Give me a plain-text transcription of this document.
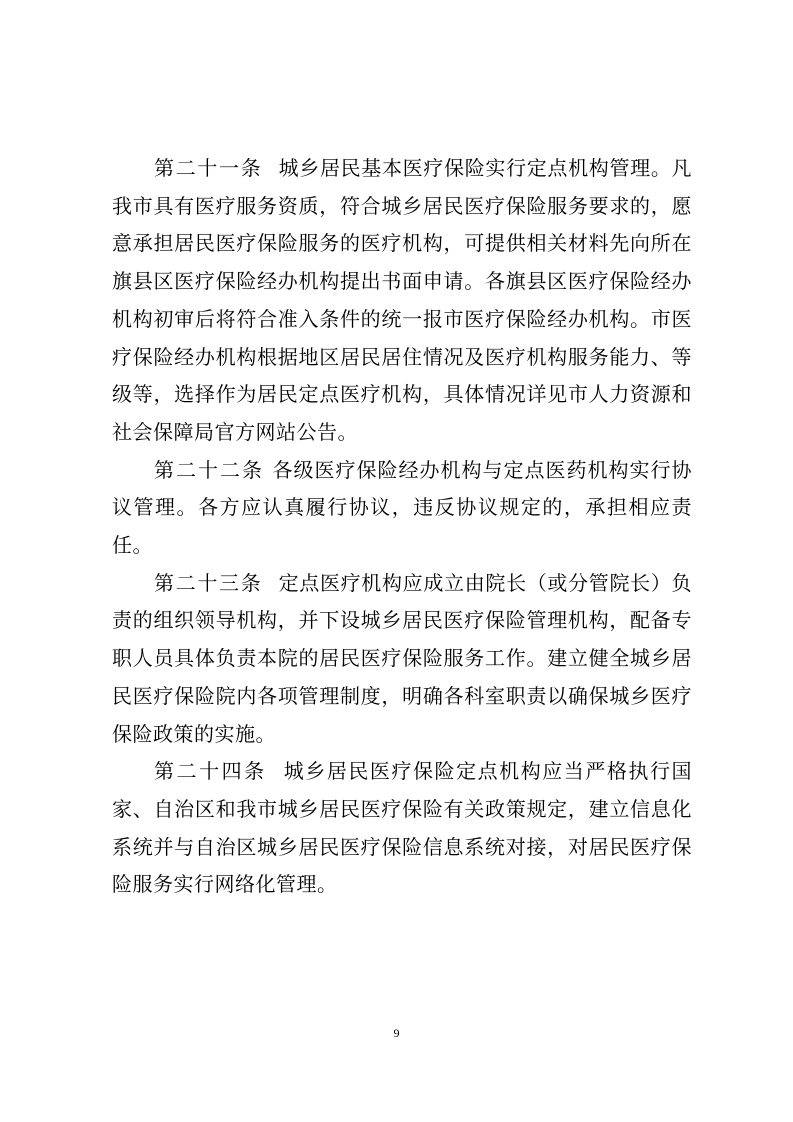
第二十一条 城乡居民基本医疗保险实行定点机构管理。凡我市具有医疗服务资质，符合城乡居民医疗保险服务要求的，愿意承担居民医疗保险服务的医疗机构，可提供相关材料先向所在旗县区医疗保险经办机构提出书面申请。各旗县区医疗保险经办机构初审后将符合准入条件的统一报市医疗保险经办机构。市医疗保险经办机构根据地区居民居住情况及医疗机构服务能力、等级等，选择作为居民定点医疗机构，具体情况详见市人力资源和社会保障局官方网站公告。

第二十二条 各级医疗保险经办机构与定点医药机构实行协议管理。各方应认真履行协议，违反协议规定的，承担相应责任。

第二十三条 定点医疗机构应成立由院长（或分管院长）负责的组织领导机构，并下设城乡居民医疗保险管理机构，配备专职人员具体负责本院的居民医疗保险服务工作。建立健全城乡居民医疗保险院内各项管理制度，明确各科室职责以确保城乡医疗保险政策的实施。

第二十四条 城乡居民医疗保险定点机构应当严格执行国家、自治区和我市城乡居民医疗保险有关政策规定，建立信息化系统并与自治区城乡居民医疗保险信息系统对接，对居民医疗保险服务实行网络化管理。

9
